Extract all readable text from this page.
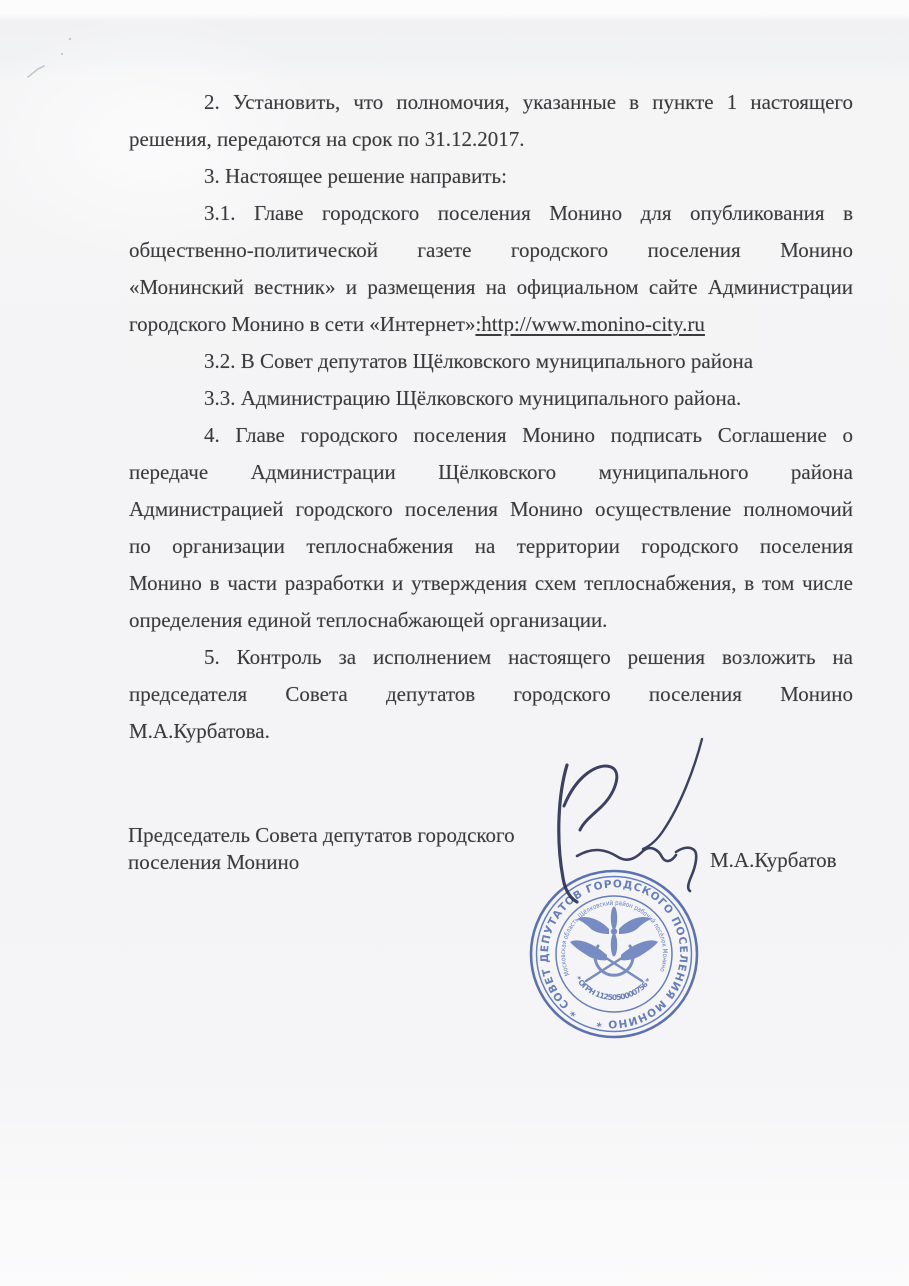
2. Установить, что полномочия, указанные в пункте 1 настоящего
решения, передаются на срок по 31.12.2017.
3. Настоящее решение направить:
3.1. Главе городского поселения Монино для опубликования в
общественно-политической газете городского поселения Монино
«Монинский вестник» и размещения на официальном сайте Администрации
городского Монино в сети «Интернет»:http://www.monino-city.ru
3.2. В Совет депутатов Щёлковского муниципального района
3.3. Администрацию Щёлковского муниципального района.
4. Главе городского поселения Монино подписать Соглашение о
передаче Администрации Щёлковского муниципального района
Администрацией городского поселения Монино осуществление полномочий
по организации теплоснабжения на территории городского поселения
Монино в части разработки и утверждения схем теплоснабжения, в том числе
определения единой теплоснабжающей организации.
5. Контроль за исполнением настоящего решения возложить на
председателя Совета депутатов городского поселения Монино
М.А.Курбатова.
Председатель Совета депутатов городского
поселения Монино	М.А.Курбатов
* СОВЕТ ДЕПУТАТОВ ГОРОДСКОГО ПОСЕЛЕНИЯ МОНИНО *
Московская область Щёлковский район рабочий посёлок Монино
* ОГРН 1125050000756 *
